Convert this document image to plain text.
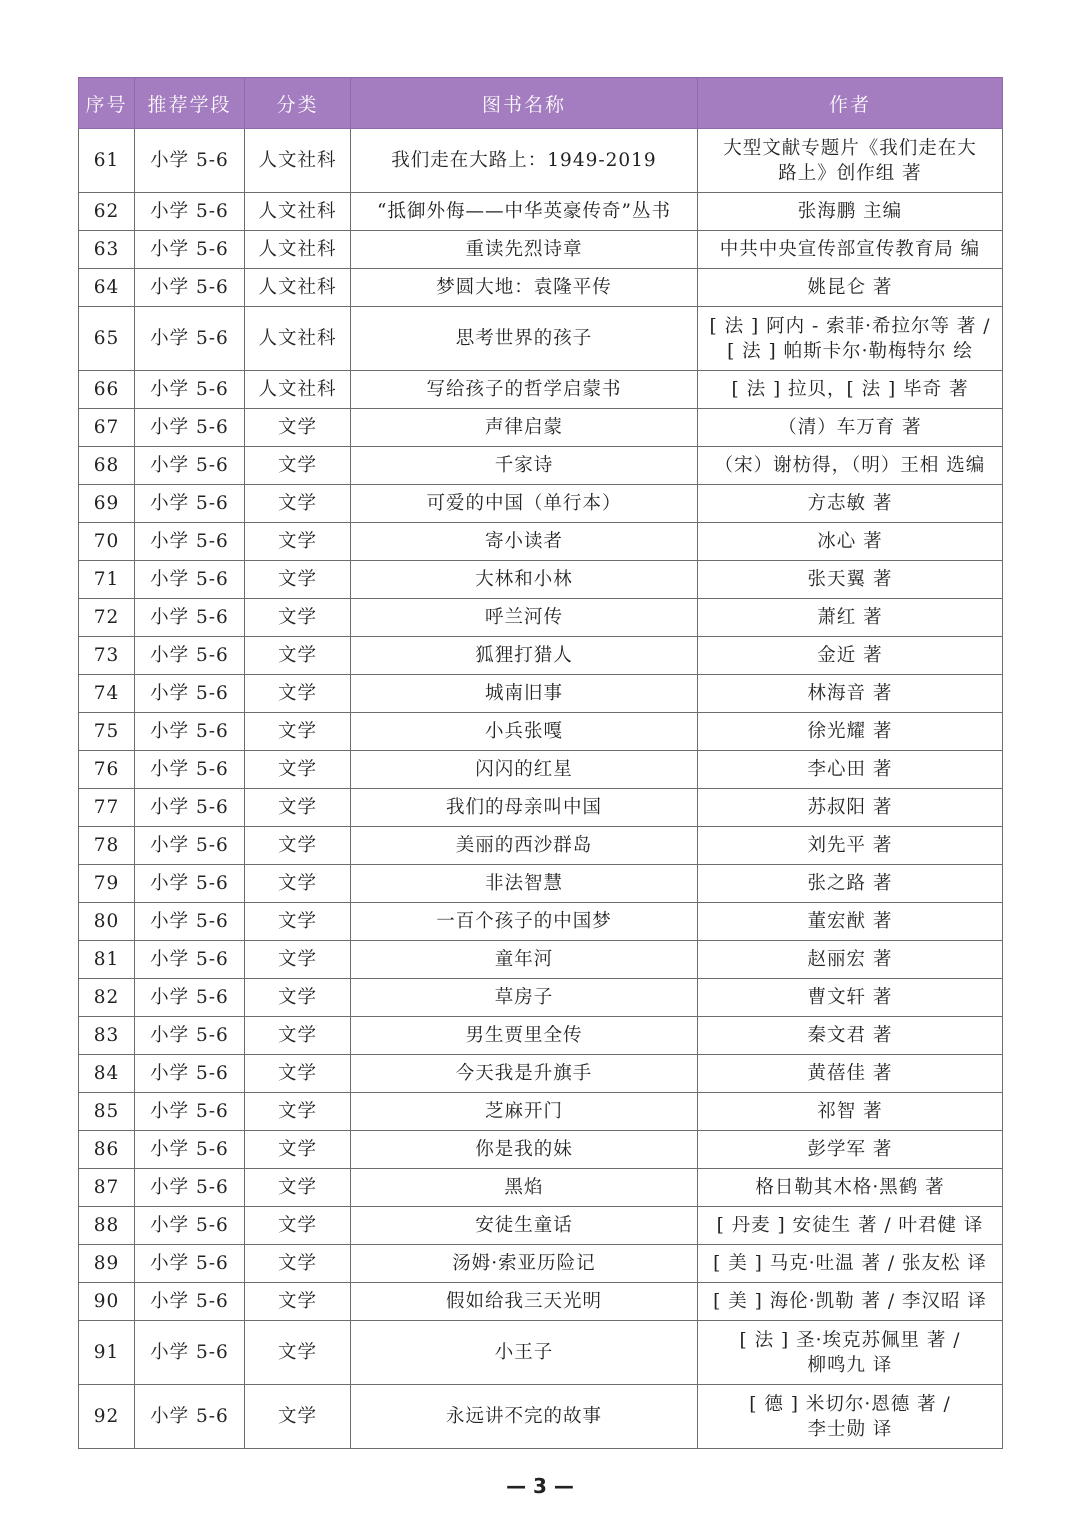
序号	推荐学段	分类	图书名称	作者
61	小学 5-6	人文社科	我们走在大路上：1949-2019	大型文献专题片《我们走在大
路上》创作组 著
62	小学 5-6	人文社科	“抵御外侮——中华英豪传奇”丛书	张海鹏 主编
63	小学 5-6	人文社科	重读先烈诗章	中共中央宣传部宣传教育局 编
64	小学 5-6	人文社科	梦圆大地：袁隆平传	姚昆仑 著
65	小学 5-6	人文社科	思考世界的孩子	[ 法 ] 阿内 - 索菲·希拉尔等 著 /
[ 法 ] 帕斯卡尔·勒梅特尔 绘
66	小学 5-6	人文社科	写给孩子的哲学启蒙书	[ 法 ] 拉贝，[ 法 ] 毕奇 著
67	小学 5-6	文学	声律启蒙	（清）车万育 著
68	小学 5-6	文学	千家诗	（宋）谢枋得，（明）王相 选编
69	小学 5-6	文学	可爱的中国（单行本）	方志敏 著
70	小学 5-6	文学	寄小读者	冰心 著
71	小学 5-6	文学	大林和小林	张天翼 著
72	小学 5-6	文学	呼兰河传	萧红 著
73	小学 5-6	文学	狐狸打猎人	金近 著
74	小学 5-6	文学	城南旧事	林海音 著
75	小学 5-6	文学	小兵张嘎	徐光耀 著
76	小学 5-6	文学	闪闪的红星	李心田 著
77	小学 5-6	文学	我们的母亲叫中国	苏叔阳 著
78	小学 5-6	文学	美丽的西沙群岛	刘先平 著
79	小学 5-6	文学	非法智慧	张之路 著
80	小学 5-6	文学	一百个孩子的中国梦	董宏猷 著
81	小学 5-6	文学	童年河	赵丽宏 著
82	小学 5-6	文学	草房子	曹文轩 著
83	小学 5-6	文学	男生贾里全传	秦文君 著
84	小学 5-6	文学	今天我是升旗手	黄蓓佳 著
85	小学 5-6	文学	芝麻开门	祁智 著
86	小学 5-6	文学	你是我的妹	彭学军 著
87	小学 5-6	文学	黑焰	格日勒其木格·黑鹤 著
88	小学 5-6	文学	安徒生童话	[ 丹麦 ] 安徒生 著 / 叶君健 译
89	小学 5-6	文学	汤姆·索亚历险记	[ 美 ] 马克·吐温 著 / 张友松 译
90	小学 5-6	文学	假如给我三天光明	[ 美 ] 海伦·凯勒 著 / 李汉昭 译
91	小学 5-6	文学	小王子	[ 法 ] 圣·埃克苏佩里 著 /
柳鸣九 译
92	小学 5-6	文学	永远讲不完的故事	[ 德 ] 米切尔·恩德 著 /
李士勋 译
— 3 —
